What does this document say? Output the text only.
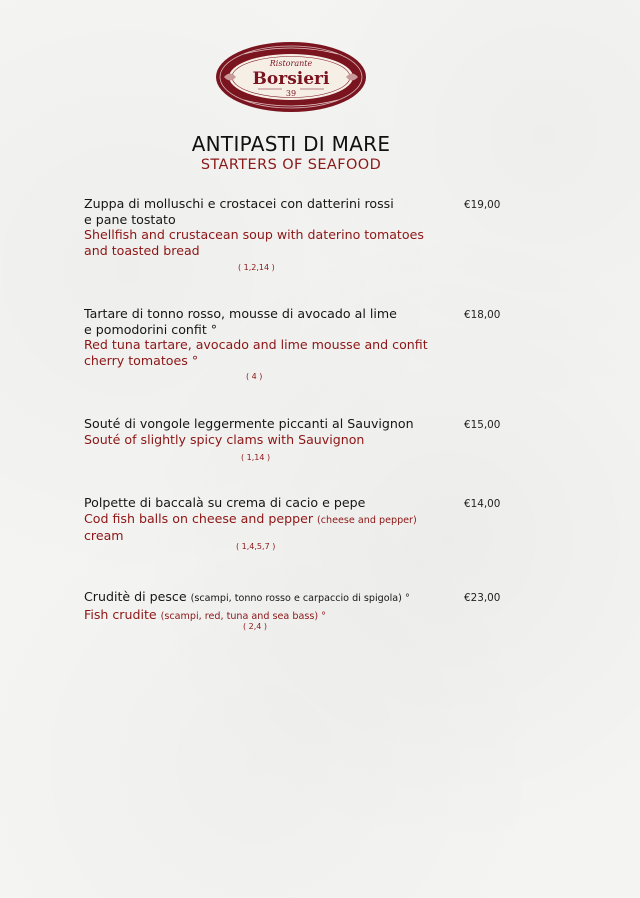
Ristorante
Borsieri
39
ANTIPASTI DI MARE
STARTERS OF SEAFOOD
Zuppa di molluschi e crostacei con datterini rossi
e pane tostato
Shellfish and crustacean soup with daterino tomatoes
and toasted bread
€19,00
( 1,2,14 )
Tartare di tonno rosso, mousse di avocado al lime
e pomodorini confit °
Red tuna tartare, avocado and lime mousse and confit
cherry tomatoes °
€18,00
( 4 )
Souté di vongole leggermente piccanti al Sauvignon
Souté of slightly spicy clams with Sauvignon
€15,00
( 1,14 )
Polpette di baccalà su crema di cacio e pepe
Cod fish balls on cheese and pepper (cheese and pepper)
cream
€14,00
( 1,4,5,7 )
Cruditè di pesce (scampi, tonno rosso e carpaccio di spigola) °
Fish crudite (scampi, red, tuna and sea bass) °
€23,00
( 2,4 )
